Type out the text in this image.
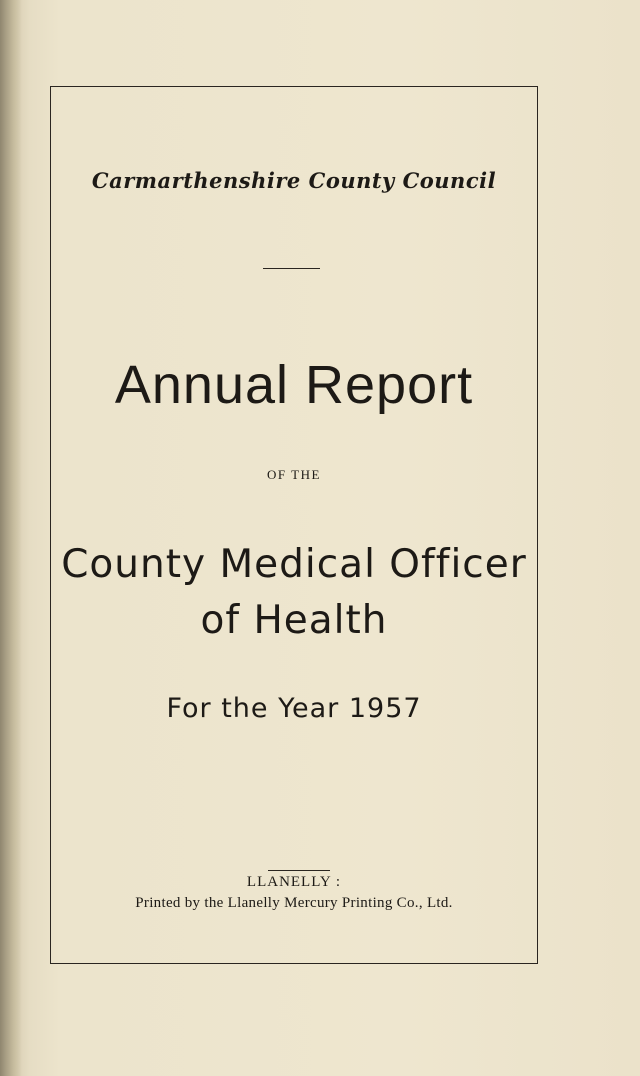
Carmarthenshire County Council
Annual Report
OF THE
County Medical Officer
of Health
For the Year 1957
LLANELLY :
Printed by the Llanelly Mercury Printing Co., Ltd.
